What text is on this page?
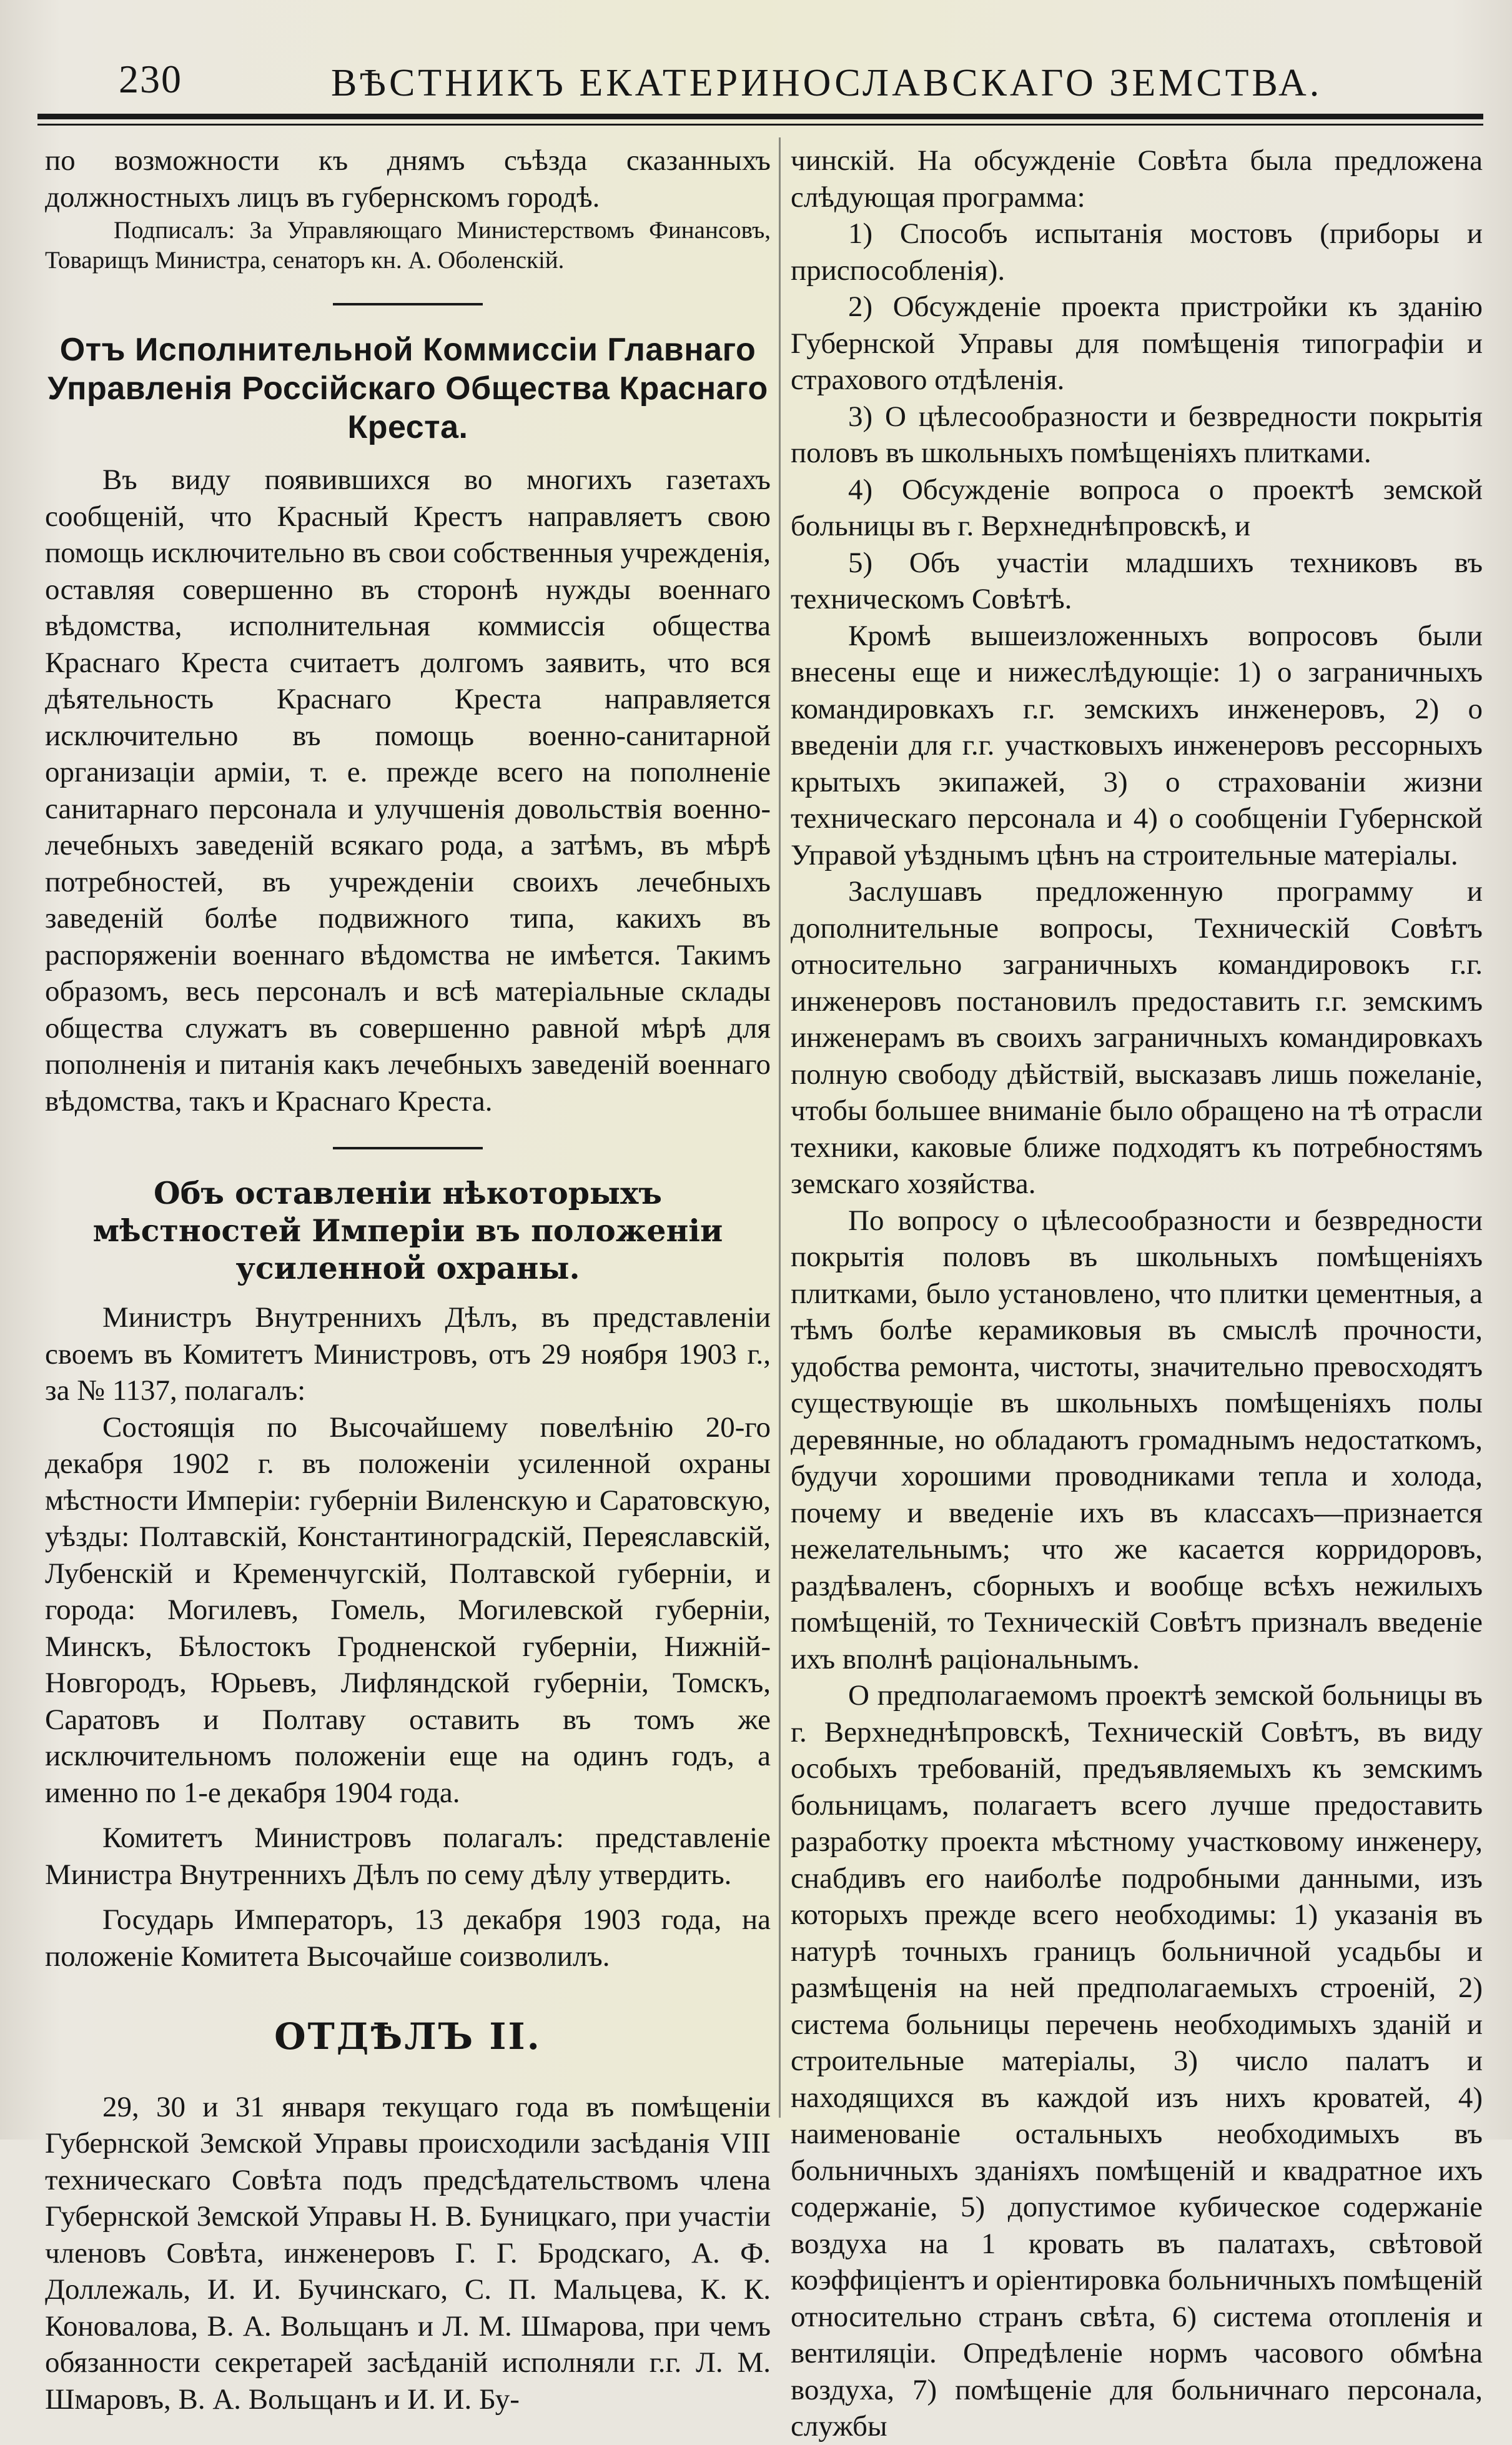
230	ВѢСТНИКЪ ЕКАТЕРИНОСЛАВСКАГО ЗЕМСТВА.

по возможности къ днямъ съѣзда сказанныхъ должностныхъ лицъ въ губернскомъ городѣ.

Подписалъ: За Управляющаго Министерствомъ Финансовъ, Товарищъ Министра, сенаторъ кн. А. Оболенскій.

Отъ Исполнительной Коммиссіи Главнаго Управленія Россійскаго Общества Краснаго Креста.

Въ виду появившихся во многихъ газетахъ сообщеній, что Красный Крестъ направляетъ свою помощь исключительно въ свои собственныя учрежденія, оставляя совершенно въ сторонѣ нужды военнаго вѣдомства, исполнительная коммиссія общества Краснаго Креста считаетъ долгомъ заявить, что вся дѣятельность Краснаго Креста направляется исключительно въ помощь военно-санитарной организаціи арміи, т. е. прежде всего на пополненіе санитарнаго персонала и улучшенія довольствія военно-лечебныхъ заведеній всякаго рода, а затѣмъ, въ мѣрѣ потребностей, въ учрежденіи своихъ лечебныхъ заведеній болѣе подвижного типа, какихъ въ распоряженіи военнаго вѣдомства не имѣется. Такимъ образомъ, весь персоналъ и всѣ матеріальные склады общества служатъ въ совершенно равной мѣрѣ для пополненія и питанія какъ лечебныхъ заведеній военнаго вѣдомства, такъ и Краснаго Креста.

Объ оставленіи нѣкоторыхъ мѣстностей Имперіи въ положеніи усиленной охраны.

Министръ Внутреннихъ Дѣлъ, въ представленіи своемъ въ Комитетъ Министровъ, отъ 29 ноября 1903 г., за № 1137, полагалъ:

Состоящія по Высочайшему повелѣнію 20-го декабря 1902 г. въ положеніи усиленной охраны мѣстности Имперіи: губерніи Виленскую и Саратовскую, уѣзды: Полтавскій, Константиноградскій, Переяславскій, Лубенскій и Кременчугскій, Полтавской губерніи, и города: Могилевъ, Гомель, Могилевской губерніи, Минскъ, Бѣлостокъ Гродненской губерніи, Нижній-Новгородъ, Юрьевъ, Лифляндской губерніи, Томскъ, Саратовъ и Полтаву оставить въ томъ же исключительномъ положеніи еще на одинъ годъ, а именно по 1-е декабря 1904 года.

Комитетъ Министровъ полагалъ: представленіе Министра Внутреннихъ Дѣлъ по сему дѣлу утвердить.

Государь Императоръ, 13 декабря 1903 года, на положеніе Комитета Высочайше соизволилъ.

ОТДѢЛЪ II.

29, 30 и 31 января текущаго года въ помѣщеніи Губернской Земской Управы происходили засѣданія VIII техническаго Совѣта подъ предсѣдательствомъ члена Губернской Земской Управы Н. В. Буницкаго, при участіи членовъ Совѣта, инженеровъ Г. Г. Бродскаго, А. Ф. Доллежаль, И. И. Бучинскаго, С. П. Мальцева, К. К. Коновалова, В. А. Вольщанъ и Л. М. Шмарова, при чемъ обязанности секретарей засѣданій исполняли г.г. Л. М. Шмаровъ, В. А. Вольщанъ и И. И. Бу-

чинскій. На обсужденіе Совѣта была предложена слѣдующая программа:

1) Способъ испытанія мостовъ (приборы и приспособленія).

2) Обсужденіе проекта пристройки къ зданію Губернской Управы для помѣщенія типографіи и страхового отдѣленія.

3) О цѣлесообразности и безвредности покрытія половъ въ школьныхъ помѣщеніяхъ плитками.

4) Обсужденіе вопроса о проектѣ земской больницы въ г. Верхнеднѣпровскѣ, и

5) Объ участіи младшихъ техниковъ въ техническомъ Совѣтѣ.

Кромѣ вышеизложенныхъ вопросовъ были внесены еще и нижеслѣдующіе: 1) о заграничныхъ командировкахъ г.г. земскихъ инженеровъ, 2) о введеніи для г.г. участковыхъ инженеровъ рессорныхъ крытыхъ экипажей, 3) о страхованіи жизни техническаго персонала и 4) о сообщеніи Губернской Управой уѣзднымъ цѣнъ на строительные матеріалы.

Заслушавъ предложенную программу и дополнительные вопросы, Техническій Совѣтъ относительно заграничныхъ командировокъ г.г. инженеровъ постановилъ предоставить г.г. земскимъ инженерамъ въ своихъ заграничныхъ командировкахъ полную свободу дѣйствій, высказавъ лишь пожеланіе, чтобы большее вниманіе было обращено на тѣ отрасли техники, каковые ближе подходятъ къ потребностямъ земскаго хозяйства.

По вопросу о цѣлесообразности и безвредности покрытія половъ въ школьныхъ помѣщеніяхъ плитками, было установлено, что плитки цементныя, а тѣмъ болѣе керамиковыя въ смыслѣ прочности, удобства ремонта, чистоты, значительно превосходятъ существующіе въ школьныхъ помѣщеніяхъ полы деревянные, но обладаютъ громаднымъ недостаткомъ, будучи хорошими проводниками тепла и холода, почему и введеніе ихъ въ классахъ—признается нежелательнымъ; что же касается корридоровъ, раздѣваленъ, сборныхъ и вообще всѣхъ нежилыхъ помѣщеній, то Техническій Совѣтъ призналъ введеніе ихъ вполнѣ раціональнымъ.

О предполагаемомъ проектѣ земской больницы въ г. Верхнеднѣпровскѣ, Техническій Совѣтъ, въ виду особыхъ требованій, предъявляемыхъ къ земскимъ больницамъ, полагаетъ всего лучше предоставить разработку проекта мѣстному участковому инженеру, снабдивъ его наиболѣе подробными данными, изъ которыхъ прежде всего необходимы: 1) указанія въ натурѣ точныхъ границъ больничной усадьбы и размѣщенія на ней предполагаемыхъ строеній, 2) система больницы перечень необходимыхъ зданій и строительные матеріалы, 3) число палатъ и находящихся въ каждой изъ нихъ кроватей, 4) наименованіе остальныхъ необходимыхъ въ больничныхъ зданіяхъ помѣщеній и квадратное ихъ содержаніе, 5) допустимое кубическое содержаніе воздуха на 1 кровать въ палатахъ, свѣтовой коэффиціентъ и оріентировка больничныхъ помѣщеній относительно странъ свѣта, 6) система отопленія и вентиляціи. Опредѣленіе нормъ часового обмѣна воздуха, 7) помѣщеніе для больничнаго персонала, службы
